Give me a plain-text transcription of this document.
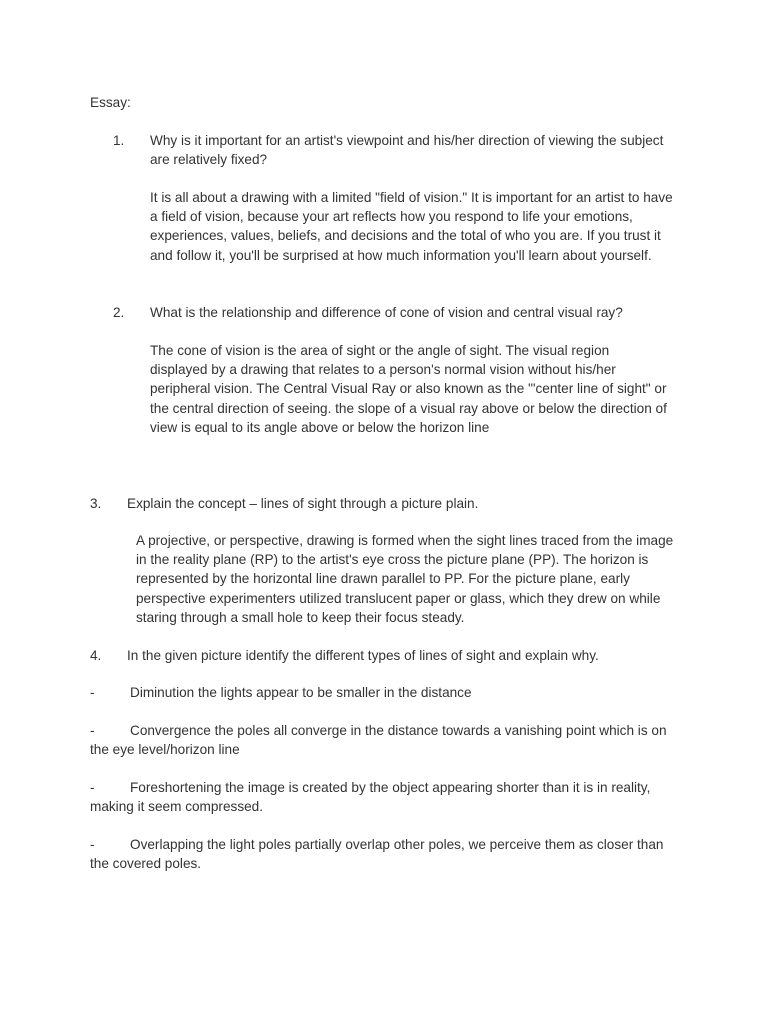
Essay:

1. Why is it important for an artist's viewpoint and his/her direction of viewing the subject are relatively fixed?

It is all about a drawing with a limited "field of vision." It is important for an artist to have a field of vision, because your art reflects how you respond to life your emotions, experiences, values, beliefs, and decisions and the total of who you are. If you trust it and follow it, you'll be surprised at how much information you'll learn about yourself.

2. What is the relationship and difference of cone of vision and central visual ray?

The cone of vision is the area of sight or the angle of sight. The visual region displayed by a drawing that relates to a person's normal vision without his/her peripheral vision. The Central Visual Ray or also known as the '"center line of sight" or the central direction of seeing. the slope of a visual ray above or below the direction of view is equal to its angle above or below the horizon line

3. Explain the concept – lines of sight through a picture plain.

A projective, or perspective, drawing is formed when the sight lines traced from the image in the reality plane (RP) to the artist's eye cross the picture plane (PP). The horizon is represented by the horizontal line drawn parallel to PP. For the picture plane, early perspective experimenters utilized translucent paper or glass, which they drew on while staring through a small hole to keep their focus steady.

4. In the given picture identify the different types of lines of sight and explain why.

-	Diminution the lights appear to be smaller in the distance

-	Convergence the poles all converge in the distance towards a vanishing point which is on the eye level/horizon line

-	Foreshortening the image is created by the object appearing shorter than it is in reality, making it seem compressed.

-	Overlapping the light poles partially overlap other poles, we perceive them as closer than the covered poles.
